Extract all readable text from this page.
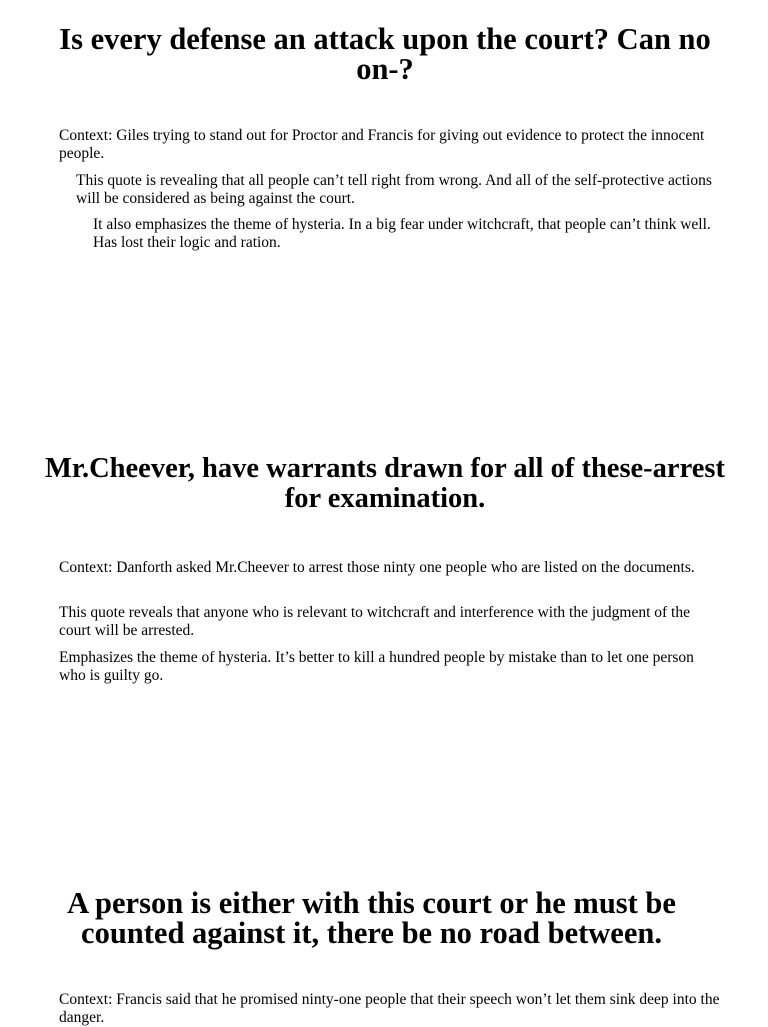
Is every defense an attack upon the court? Can no on-?

Context: Giles trying to stand out for Proctor and Francis for giving out evidence to protect the innocent people.

This quote is revealing that all people can’t tell right from wrong. And all of the self-protective actions will be considered as being against the court.

It also emphasizes the theme of hysteria. In a big fear under witchcraft, that people can’t think well. Has lost their logic and ration.

Mr.Cheever, have warrants drawn for all of these-arrest for examination.

Context: Danforth asked Mr.Cheever to arrest those ninty one people who are listed on the documents.

This quote reveals that anyone who is relevant to witchcraft and interference with the judgment of the court will be arrested.

Emphasizes the theme of hysteria. It’s better to kill a hundred people by mistake than to let one person who is guilty go.

A person is either with this court or he must be counted against it, there be no road between.

Context: Francis said that he promised ninty-one people that their speech won’t let them sink deep into the danger.
